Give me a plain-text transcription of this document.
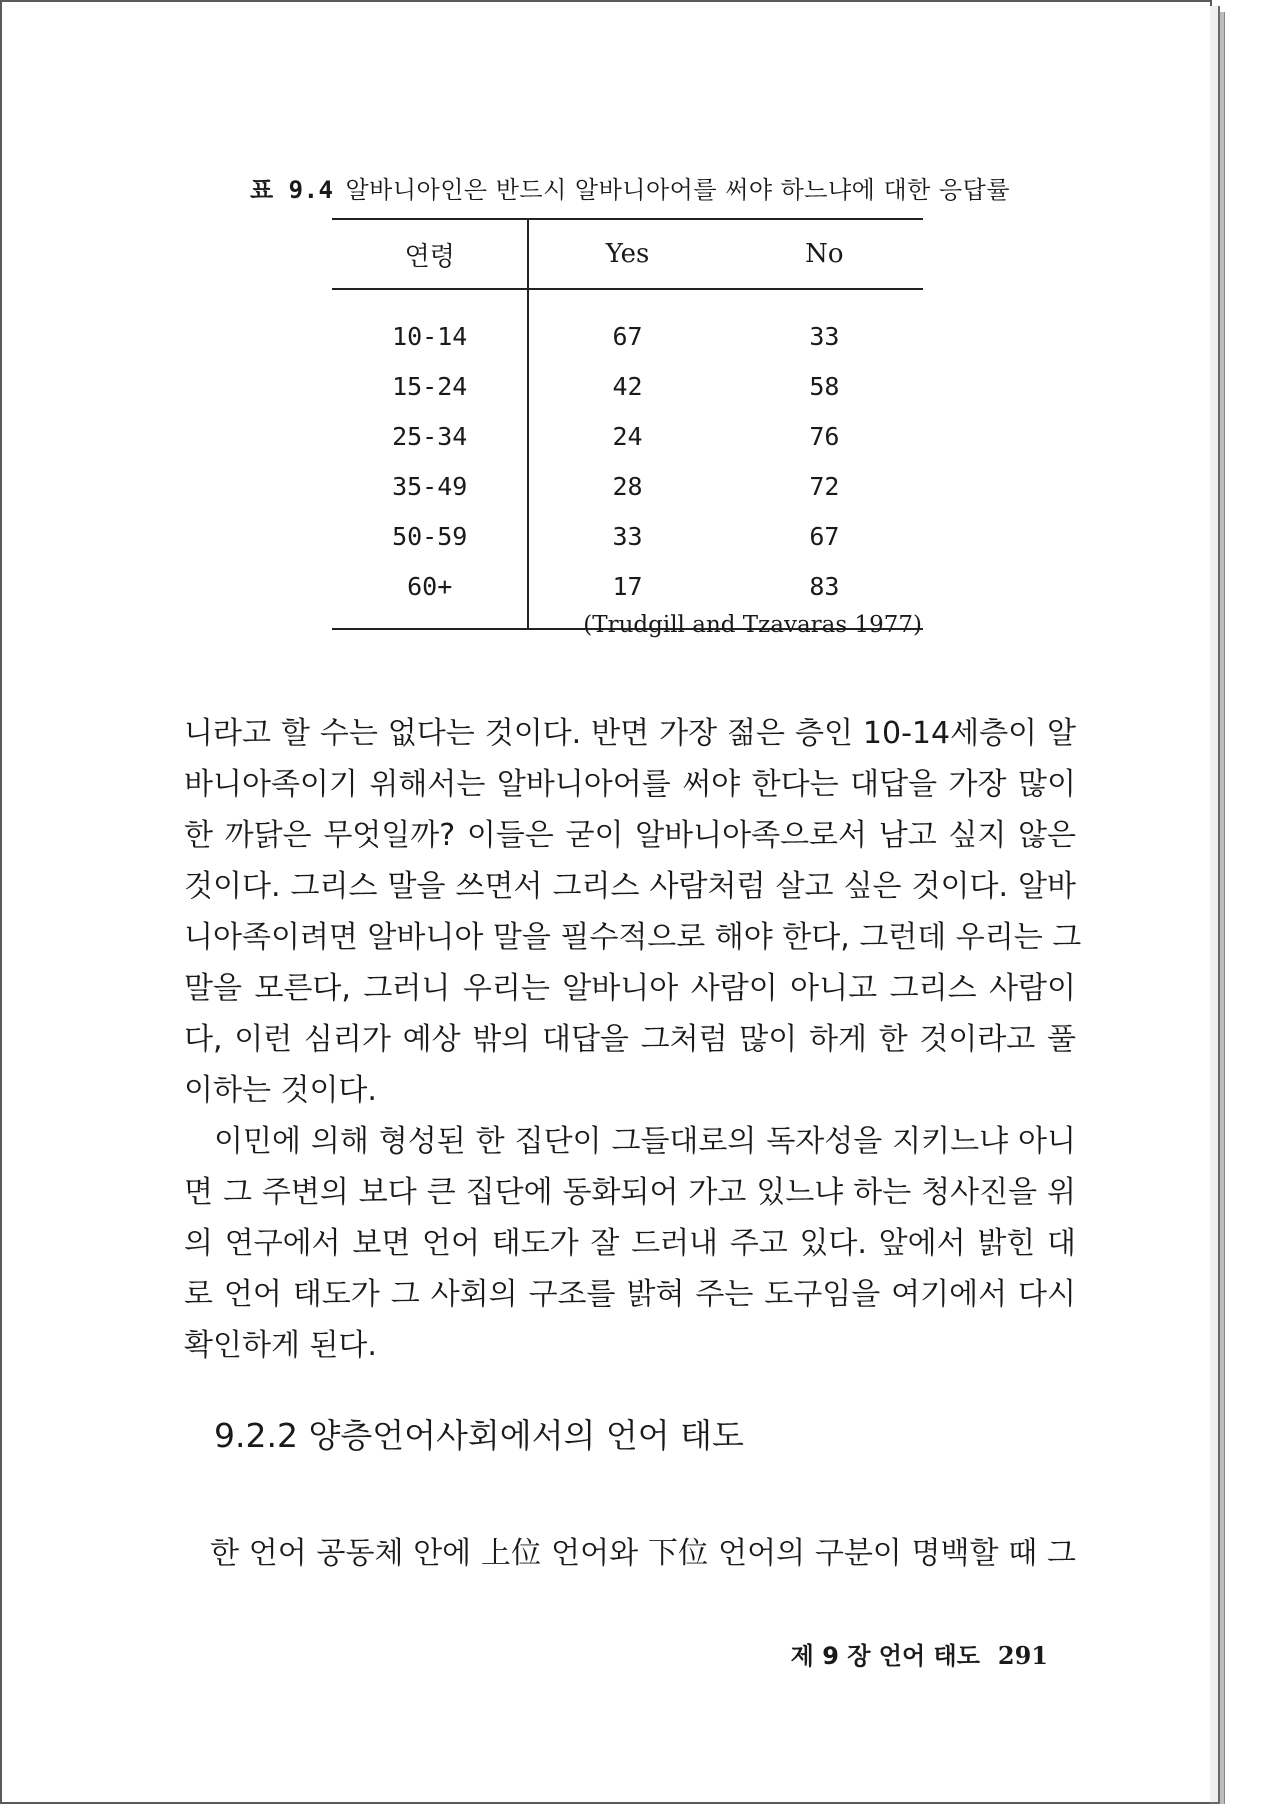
표 9.4 알바니아인은 반드시 알바니아어를 써야 하느냐에 대한 응답률
연령	Yes	No
10-14	67	33
15-24	42	58
25-34	24	76
35-49	28	72
50-59	33	67
60+	17	83
(Trudgill and Tzavaras 1977)
니라고 할 수는 없다는 것이다. 반면 가장 젊은 층인 10-14세층이 알
바니아족이기 위해서는 알바니아어를 써야 한다는 대답을 가장 많이
한 까닭은 무엇일까? 이들은 굳이 알바니아족으로서 남고 싶지 않은
것이다. 그리스 말을 쓰면서 그리스 사람처럼 살고 싶은 것이다. 알바
니아족이려면 알바니아 말을 필수적으로 해야 한다, 그런데 우리는 그
말을 모른다, 그러니 우리는 알바니아 사람이 아니고 그리스 사람이
다, 이런 심리가 예상 밖의 대답을 그처럼 많이 하게 한 것이라고 풀
이하는 것이다.
이민에 의해 형성된 한 집단이 그들대로의 독자성을 지키느냐 아니
면 그 주변의 보다 큰 집단에 동화되어 가고 있느냐 하는 청사진을 위
의 연구에서 보면 언어 태도가 잘 드러내 주고 있다. 앞에서 밝힌 대
로 언어 태도가 그 사회의 구조를 밝혀 주는 도구임을 여기에서 다시
확인하게 된다.
9.2.2 양층언어사회에서의 언어 태도
한 언어 공동체 안에 上位 언어와 下位 언어의 구분이 명백할 때 그
제 9 장 언어 태도 291
